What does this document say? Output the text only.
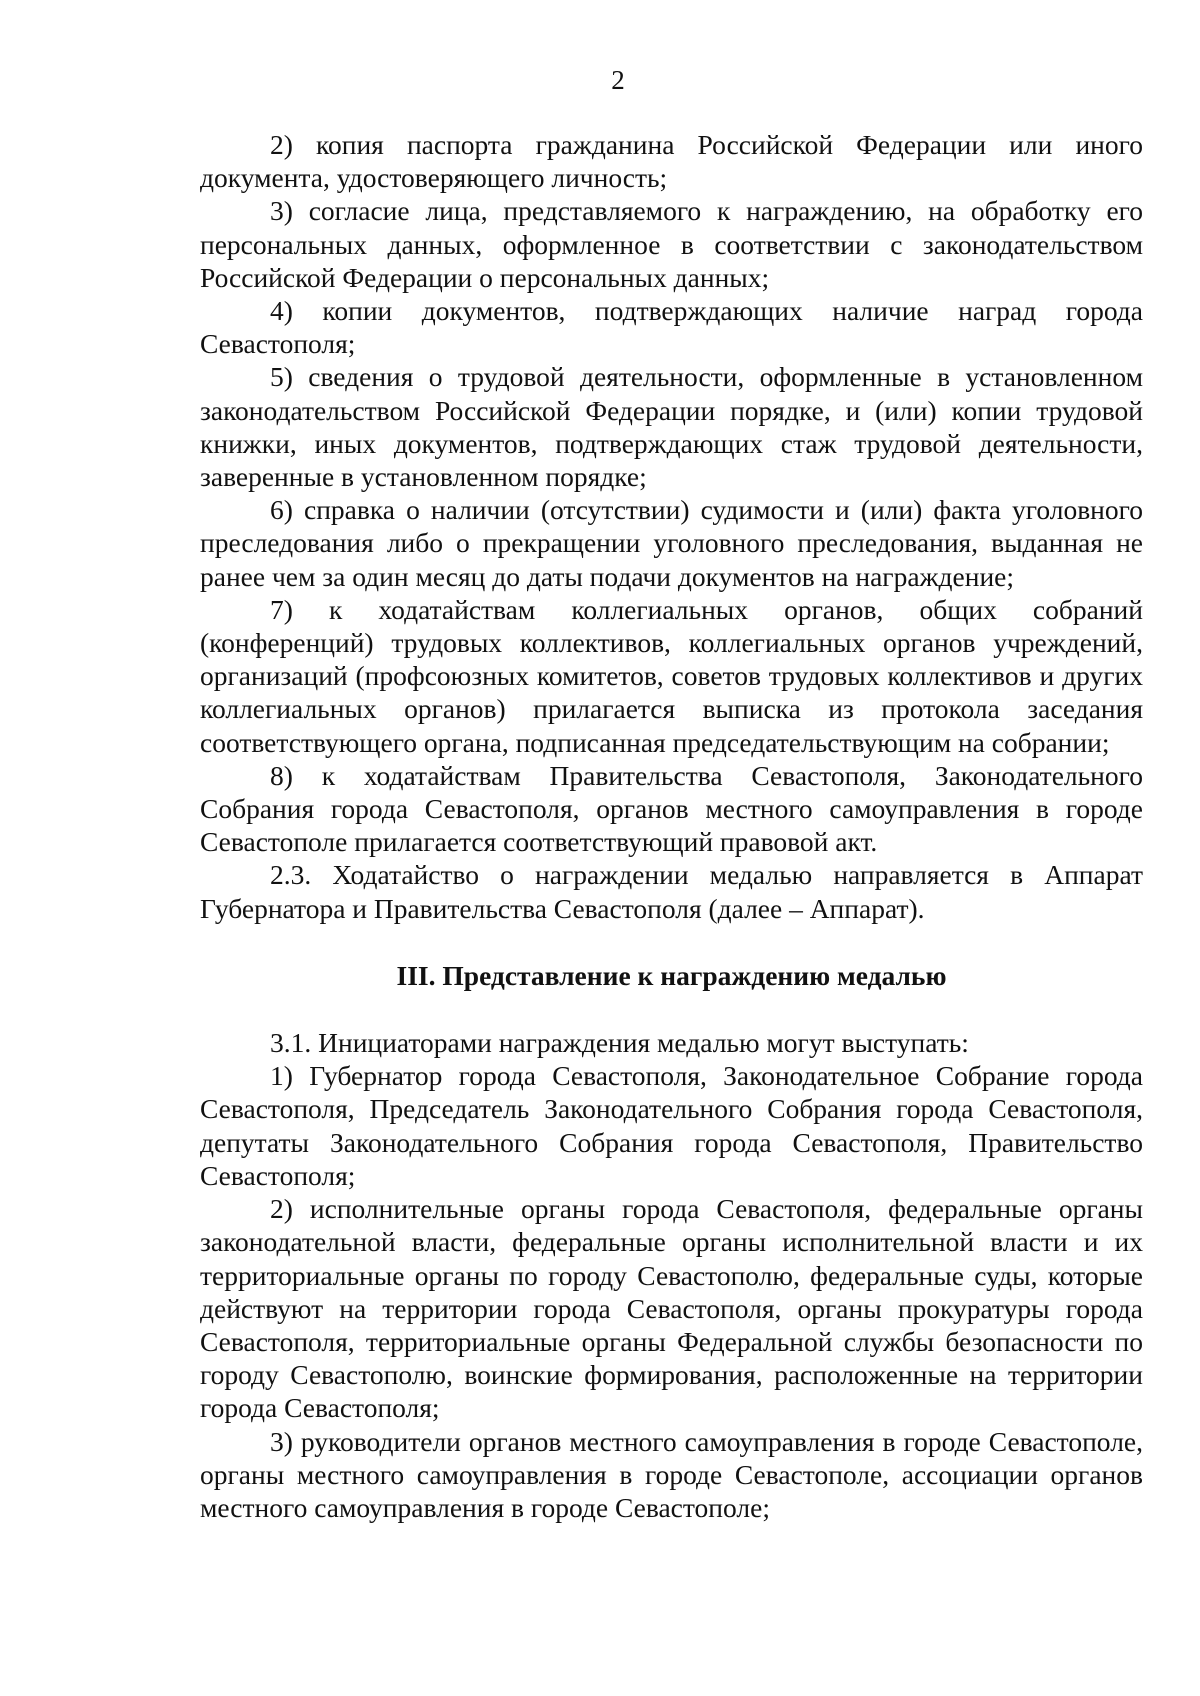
2

2) копия паспорта гражданина Российской Федерации или иного документа, удостоверяющего личность;

3) согласие лица, представляемого к награждению, на обработку его персональных данных, оформленное в соответствии с законодательством Российской Федерации о персональных данных;

4) копии документов, подтверждающих наличие наград города Севастополя;

5) сведения о трудовой деятельности, оформленные в установленном законодательством Российской Федерации порядке, и (или) копии трудовой книжки, иных документов, подтверждающих стаж трудовой деятельности, заверенные в установленном порядке;

6) справка о наличии (отсутствии) судимости и (или) факта уголовного преследования либо о прекращении уголовного преследования, выданная не ранее чем за один месяц до даты подачи документов на награждение;

7) к ходатайствам коллегиальных органов, общих собраний (конференций) трудовых коллективов, коллегиальных органов учреждений, организаций (профсоюзных комитетов, советов трудовых коллективов и других коллегиальных органов) прилагается выписка из протокола заседания соответствующего органа, подписанная председательствующим на собрании;

8) к ходатайствам Правительства Севастополя, Законодательного Собрания города Севастополя, органов местного самоуправления в городе Севастополе прилагается соответствующий правовой акт.

2.3. Ходатайство о награждении медалью направляется в Аппарат Губернатора и Правительства Севастополя (далее – Аппарат).

III. Представление к награждению медалью

3.1. Инициаторами награждения медалью могут выступать:

1) Губернатор города Севастополя, Законодательное Собрание города Севастополя, Председатель Законодательного Собрания города Севастополя, депутаты Законодательного Собрания города Севастополя, Правительство Севастополя;

2) исполнительные органы города Севастополя, федеральные органы законодательной власти, федеральные органы исполнительной власти и их территориальные органы по городу Севастополю, федеральные суды, которые действуют на территории города Севастополя, органы прокуратуры города Севастополя, территориальные органы Федеральной службы безопасности по городу Севастополю, воинские формирования, расположенные на территории города Севастополя;

3) руководители органов местного самоуправления в городе Севастополе, органы местного самоуправления в городе Севастополе, ассоциации органов местного самоуправления в городе Севастополе;
